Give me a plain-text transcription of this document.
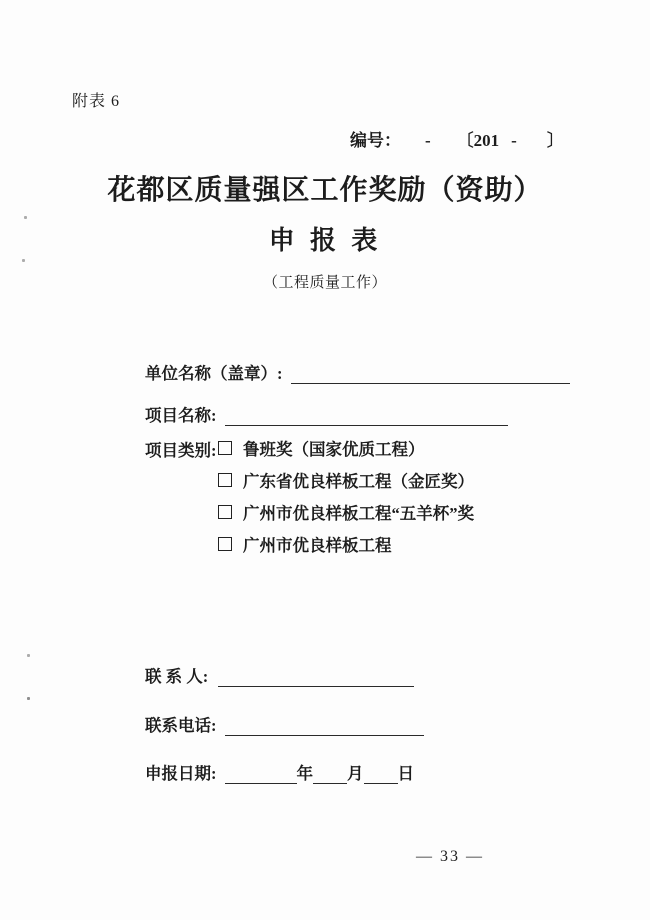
附表 6
编号： - 〔201 - 〕
花都区质量强区工作奖励（资助）
申 报 表
（工程质量工作）
单位名称（盖章）:
项目名称:
项目类别: 鲁班奖（国家优质工程）
广东省优良样板工程（金匠奖）
广州市优良样板工程“五羊杯”奖
广州市优良样板工程
联 系 人:
联系电话:
申报日期:	年 月 日
— 33 —
